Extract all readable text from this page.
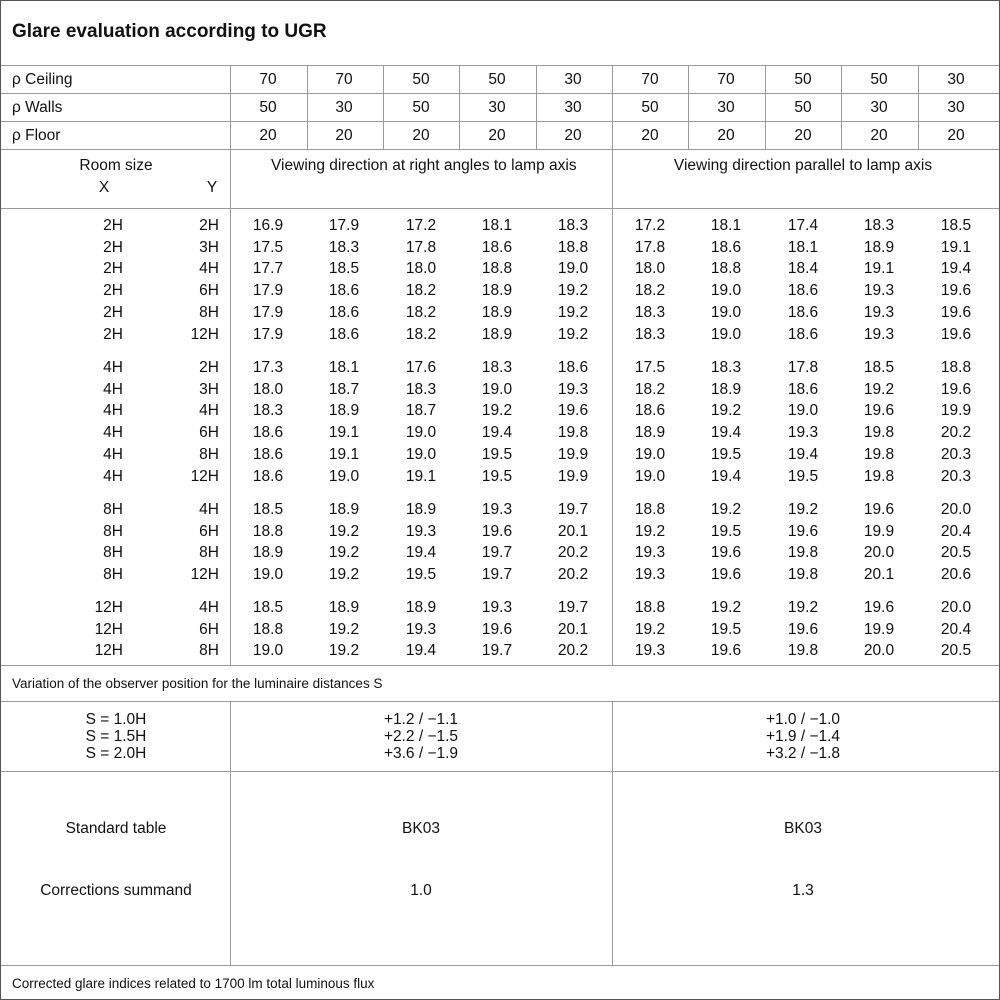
Glare evaluation according to UGR
ρ Ceiling	70	70	50	50	30	70	70	50	50	30
ρ Walls	50	30	50	30	30	50	30	50	30	30
ρ Floor	20	20	20	20	20	20	20	20	20	20
Room size
X	Y
Viewing direction at right angles to lamp axis	Viewing direction parallel to lamp axis
2H	2H	16.9	17.9	17.2	18.1	18.3	17.2	18.1	17.4	18.3	18.5
2H	3H	17.5	18.3	17.8	18.6	18.8	17.8	18.6	18.1	18.9	19.1
2H	4H	17.7	18.5	18.0	18.8	19.0	18.0	18.8	18.4	19.1	19.4
2H	6H	17.9	18.6	18.2	18.9	19.2	18.2	19.0	18.6	19.3	19.6
2H	8H	17.9	18.6	18.2	18.9	19.2	18.3	19.0	18.6	19.3	19.6
2H	12H	17.9	18.6	18.2	18.9	19.2	18.3	19.0	18.6	19.3	19.6
4H	2H	17.3	18.1	17.6	18.3	18.6	17.5	18.3	17.8	18.5	18.8
4H	3H	18.0	18.7	18.3	19.0	19.3	18.2	18.9	18.6	19.2	19.6
4H	4H	18.3	18.9	18.7	19.2	19.6	18.6	19.2	19.0	19.6	19.9
4H	6H	18.6	19.1	19.0	19.4	19.8	18.9	19.4	19.3	19.8	20.2
4H	8H	18.6	19.1	19.0	19.5	19.9	19.0	19.5	19.4	19.8	20.3
4H	12H	18.6	19.0	19.1	19.5	19.9	19.0	19.4	19.5	19.8	20.3
8H	4H	18.5	18.9	18.9	19.3	19.7	18.8	19.2	19.2	19.6	20.0
8H	6H	18.8	19.2	19.3	19.6	20.1	19.2	19.5	19.6	19.9	20.4
8H	8H	18.9	19.2	19.4	19.7	20.2	19.3	19.6	19.8	20.0	20.5
8H	12H	19.0	19.2	19.5	19.7	20.2	19.3	19.6	19.8	20.1	20.6
12H	4H	18.5	18.9	18.9	19.3	19.7	18.8	19.2	19.2	19.6	20.0
12H	6H	18.8	19.2	19.3	19.6	20.1	19.2	19.5	19.6	19.9	20.4
12H	8H	19.0	19.2	19.4	19.7	20.2	19.3	19.6	19.8	20.0	20.5
Variation of the observer position for the luminaire distances S
S = 1.0H	+1.2 / −1.1	+1.0 / −1.0
S = 1.5H	+2.2 / −1.5	+1.9 / −1.4
S = 2.0H	+3.6 / −1.9	+3.2 / −1.8
Standard table	BK03	BK03
Corrections summand	1.0	1.3
Corrected glare indices related to 1700 lm total luminous flux
